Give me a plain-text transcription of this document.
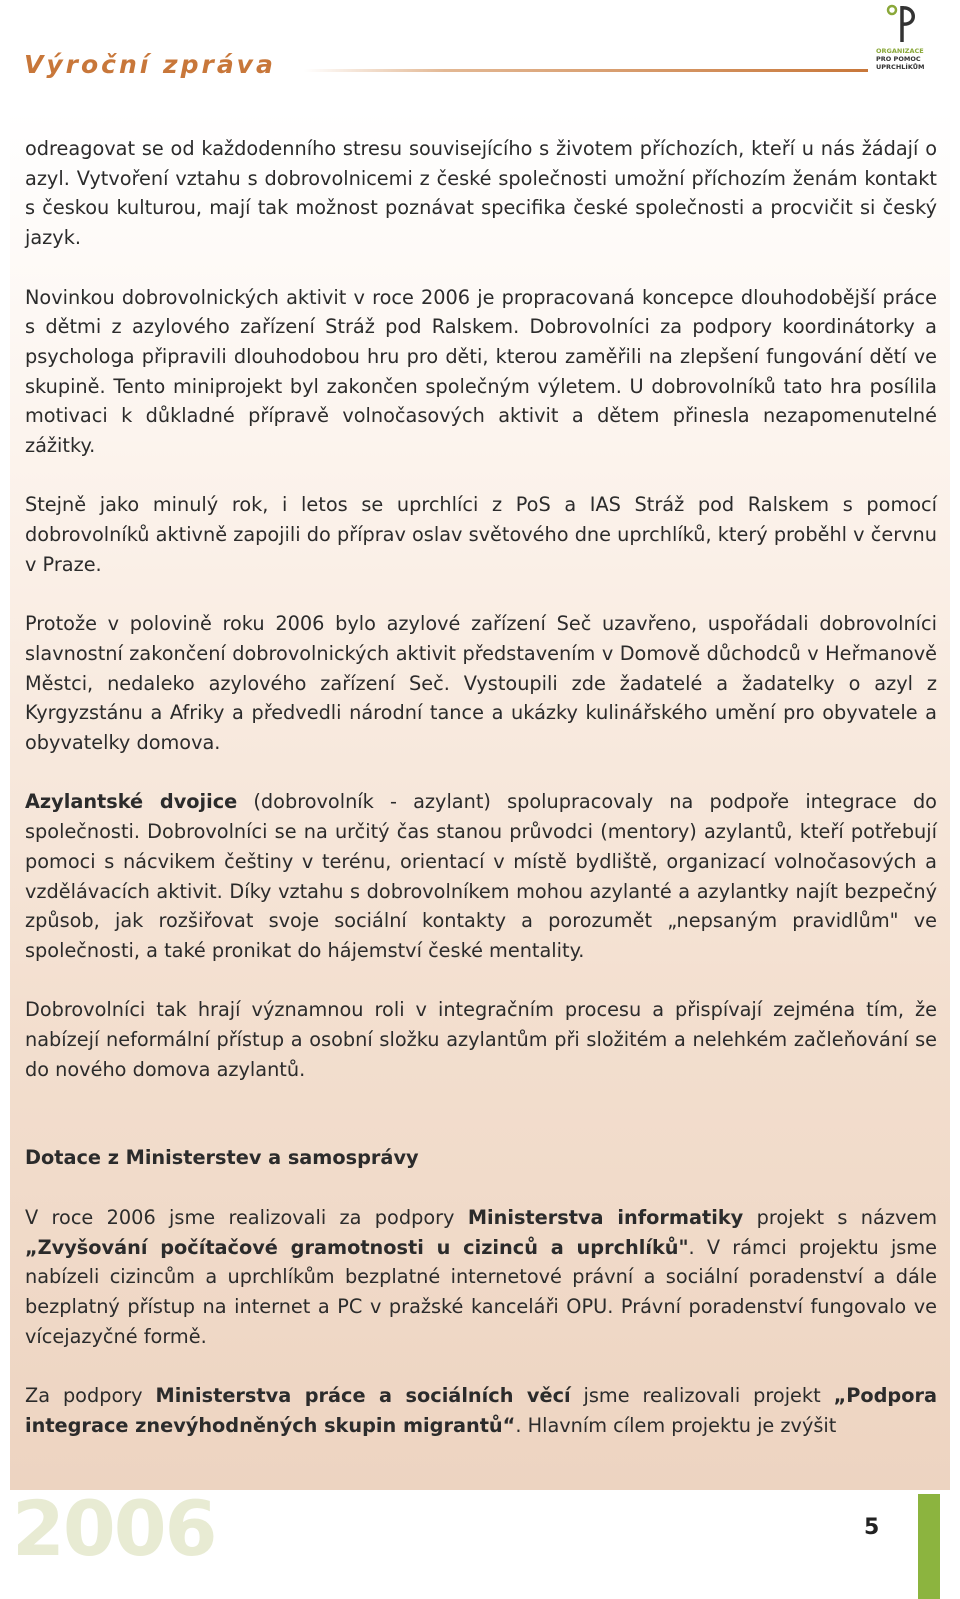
Výroční zpráva	ORGANIZACE
PRO POMOC
UPRCHLÍKŮM

odreagovat se od každodenního stresu souvisejícího s životem příchozích, kteří u nás žádají o azyl. Vytvoření vztahu s dobrovolnicemi z české společnosti umožní příchozím ženám kontakt s českou kulturou, mají tak možnost poznávat specifika české společnosti a procvičit si český jazyk.

Novinkou dobrovolnických aktivit v roce 2006 je propracovaná koncepce dlouhodobější práce s dětmi z azylového zařízení Stráž pod Ralskem. Dobrovolníci za podpory koordinátorky a psychologa připravili dlouhodobou hru pro děti, kterou zaměřili na zlepšení fungování dětí ve skupině. Tento miniprojekt byl zakončen společným výletem. U dobrovolníků tato hra posílila motivaci k důkladné přípravě volnočasových aktivit a dětem přinesla nezapomenutelné zážitky.

Stejně jako minulý rok, i letos se uprchlíci z PoS a IAS Stráž pod Ralskem s pomocí dobrovolníků aktivně zapojili do příprav oslav světového dne uprchlíků, který proběhl v červnu v Praze.

Protože v polovině roku 2006 bylo azylové zařízení Seč uzavřeno, uspořádali dobrovolníci slavnostní zakončení dobrovolnických aktivit představením v Domově důchodců v Heřmanově Městci, nedaleko azylového zařízení Seč. Vystoupili zde žadatelé a žadatelky o azyl z Kyrgyzstánu a Afriky a předvedli národní tance a ukázky kulinářského umění pro obyvatele a obyvatelky domova.

Azylantské dvojice (dobrovolník - azylant) spolupracovaly na podpoře integrace do společnosti. Dobrovolníci se na určitý čas stanou průvodci (mentory) azylantů, kteří potřebují pomoci s nácvikem češtiny v terénu, orientací v místě bydliště, organizací volnočasových a vzdělávacích aktivit. Díky vztahu s dobrovolníkem mohou azylanté a azylantky najít bezpečný způsob, jak rozšiřovat svoje sociální kontakty a porozumět „nepsaným pravidlům" ve společnosti, a také pronikat do hájemství české mentality.

Dobrovolníci tak hrají významnou roli v integračním procesu a přispívají zejména tím, že nabízejí neformální přístup a osobní složku azylantům při složitém a nelehkém začleňování se do nového domova azylantů.

Dotace z Ministerstev a samosprávy

V roce 2006 jsme realizovali za podpory Ministerstva informatiky projekt s názvem „Zvyšování počítačové gramotnosti u cizinců a uprchlíků". V rámci projektu jsme nabízeli cizincům a uprchlíkům bezplatné internetové právní a sociální poradenství a dále bezplatný přístup na internet a PC v pražské kanceláři OPU. Právní poradenství fungovalo ve vícejazyčné formě.

Za podpory Ministerstva práce a sociálních věcí jsme realizovali projekt „Podpora integrace znevýhodněných skupin migrantů“. Hlavním cílem projektu je zvýšit

2006	5
